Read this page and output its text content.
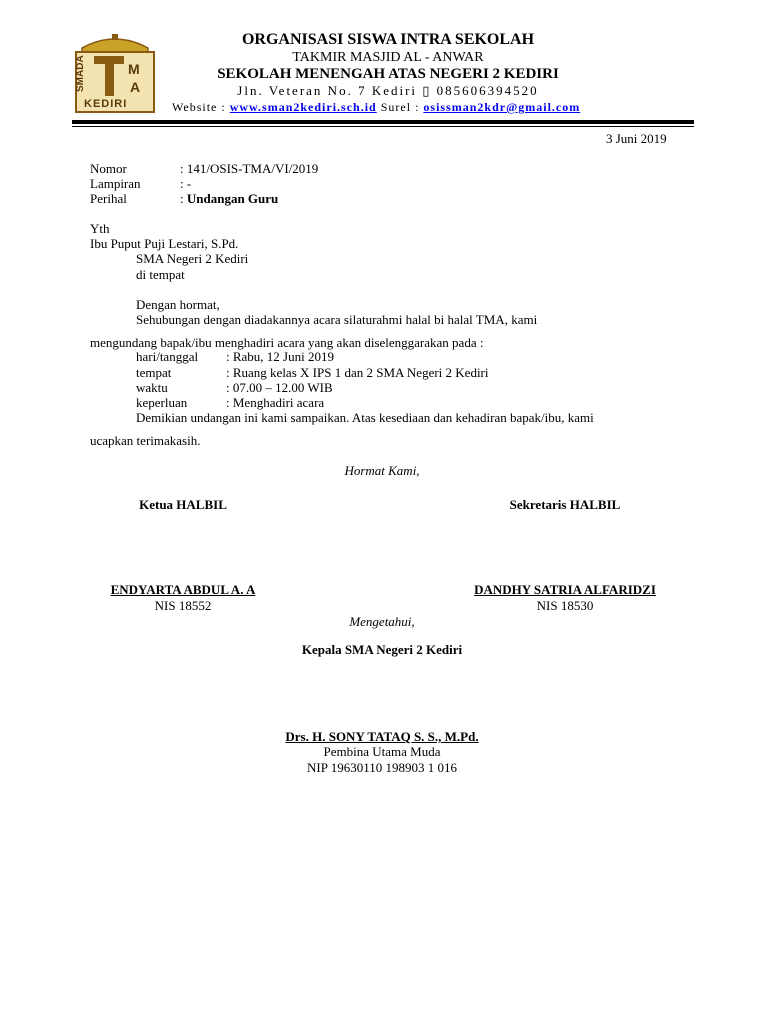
M
A
SMADA
KEDIRI
ORGANISASI SISWA INTRA SEKOLAH
TAKMIR MASJID AL - ANWAR
SEKOLAH MENENGAH ATAS NEGERI 2 KEDIRI
Jln. Veteran No. 7 Kediri ▯ 085606394520
Website : www.sman2kediri.sch.id Surel : osissman2kdr@gmail.com
3 Juni 2019
Nomor	: 141/OSIS-TMA/VI/2019
Lampiran	: -
Perihal	: Undangan Guru
Yth
Ibu Puput Puji Lestari, S.Pd.
SMA Negeri 2 Kediri
di tempat
Dengan hormat,
Sehubungan dengan diadakannya acara silaturahmi halal bi halal TMA, kami
mengundang bapak/ibu menghadiri acara yang akan diselenggarakan pada :
hari/tanggal : Rabu, 12 Juni 2019
tempat	: Ruang kelas X IPS 1 dan 2 SMA Negeri 2 Kediri
waktu	: 07.00 – 12.00 WIB
keperluan	: Menghadiri acara
Demikian undangan ini kami sampaikan. Atas kesediaan dan kehadiran bapak/ibu, kami
ucapkan terimakasih.
Hormat Kami,
Ketua HALBIL	Sekretaris HALBIL
ENDYARTA ABDUL A. A
NIS 18552
DANDHY SATRIA ALFARIDZI
NIS 18530
Mengetahui,
Kepala SMA Negeri 2 Kediri
Drs. H. SONY TATAQ S. S., M.Pd.
Pembina Utama Muda
NIP 19630110 198903 1 016
